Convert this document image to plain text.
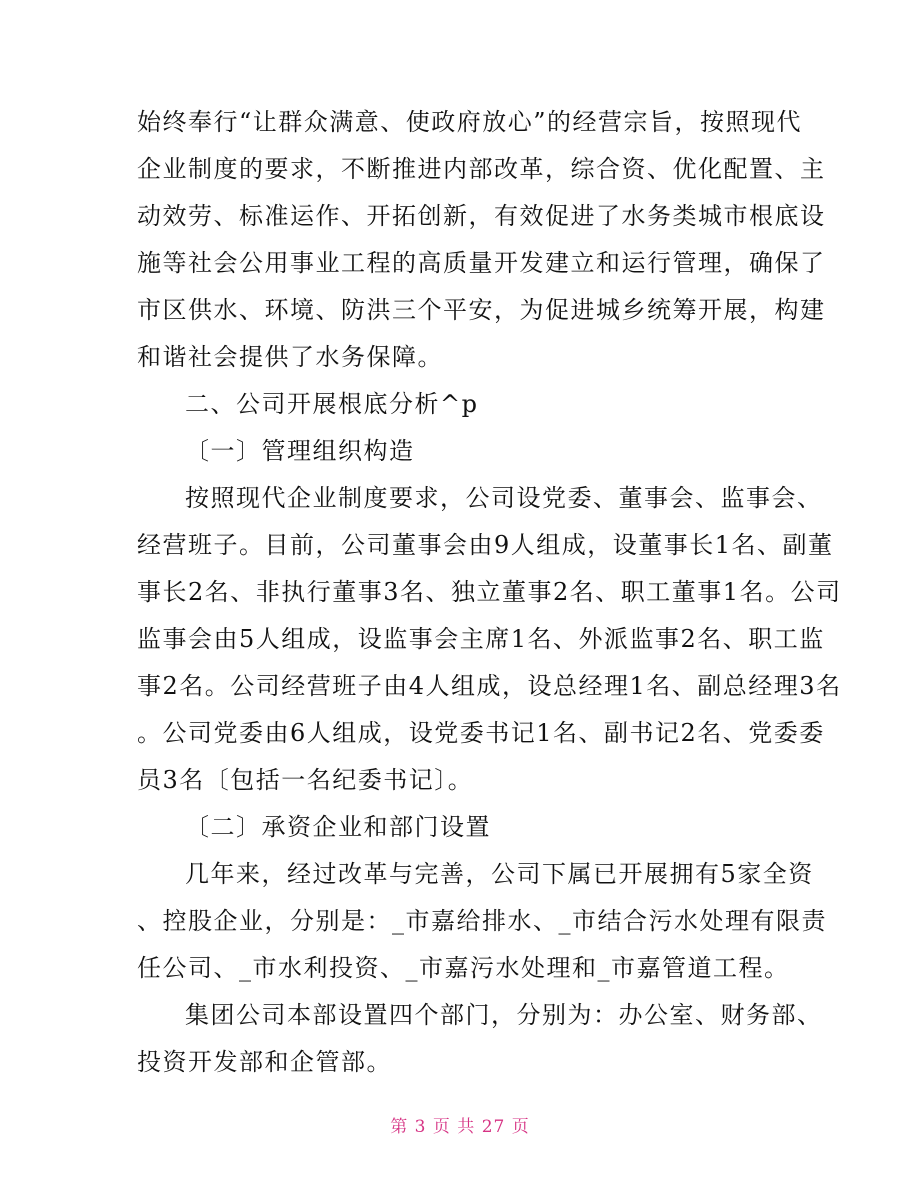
始终奉行“让群众满意、使政府放心”的经营宗旨，按照现代
企业制度的要求，不断推进内部改革，综合资、优化配置、主
动效劳、标准运作、开拓创新，有效促进了水务类城市根底设
施等社会公用事业工程的高质量开发建立和运行管理，确保了
市区供水、环境、防洪三个平安，为促进城乡统筹开展，构建
和谐社会提供了水务保障。
二、公司开展根底分析^p
〔一〕管理组织构造
按照现代企业制度要求，公司设党委、董事会、监事会、
经营班子。目前，公司董事会由9人组成，设董事长1名、副董
事长2名、非执行董事3名、独立董事2名、职工董事1名。公司
监事会由5人组成，设监事会主席1名、外派监事2名、职工监
事2名。公司经营班子由4人组成，设总经理1名、副总经理3名
。公司党委由6人组成，设党委书记1名、副书记2名、党委委
员3名〔包括一名纪委书记〕。
〔二〕承资企业和部门设置
几年来，经过改革与完善，公司下属已开展拥有5家全资
、控股企业，分别是：_市嘉给排水、_市结合污水处理有限责
任公司、_市水利投资、_市嘉污水处理和_市嘉管道工程。
集团公司本部设置四个部门，分别为：办公室、财务部、
投资开发部和企管部。
第 3 页 共 27 页
